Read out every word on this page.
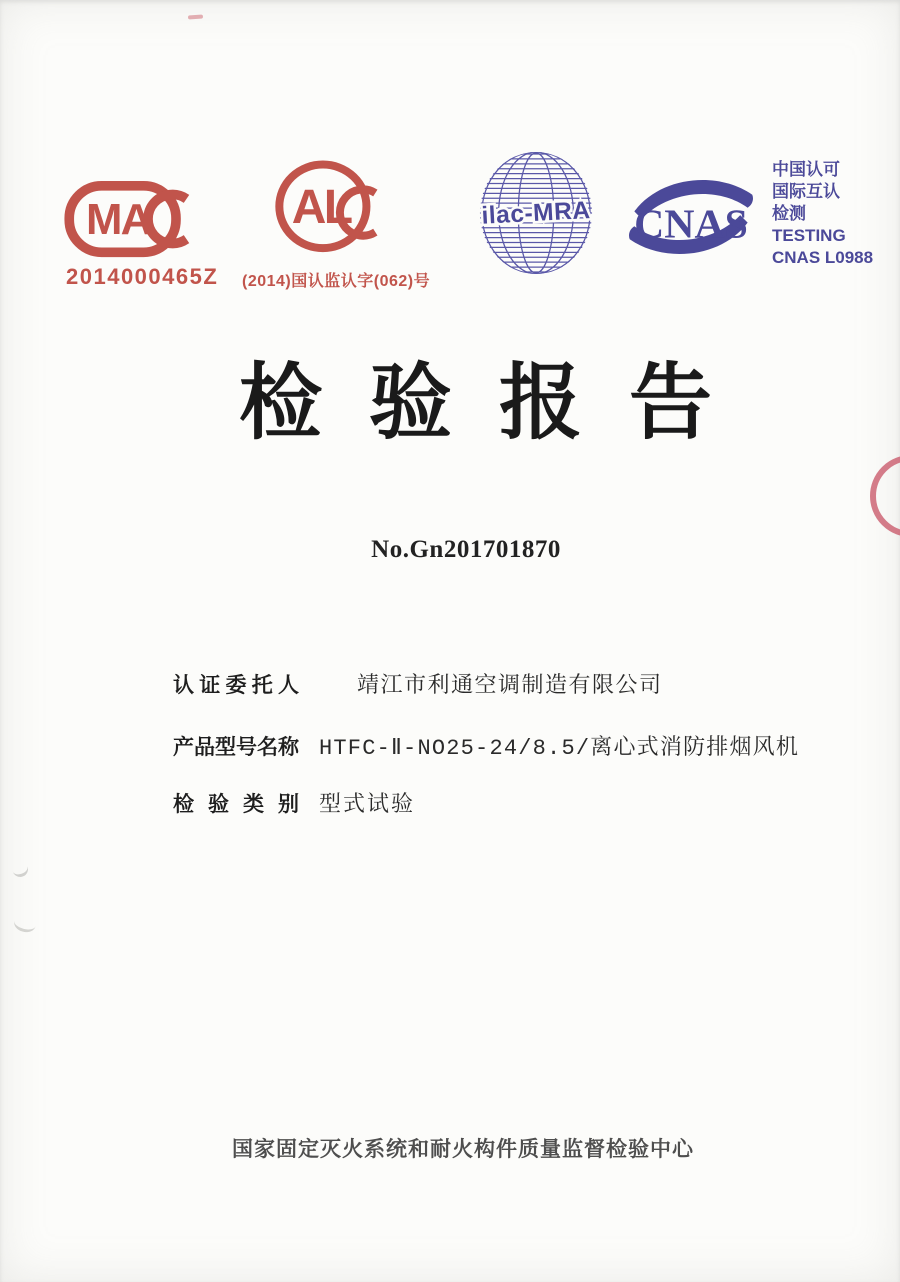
MA
2014000465Z
AL
(2014)国认监认字(062)号
ilac-MRA CNAS
中国认可
国际互认
检测
TESTING
CNAS L0988
检验报告
No.Gn201701870
认证委托人	靖江市利通空调制造有限公司
产品型号名称 HTFC-Ⅱ-NO25-24/8.5/离心式消防排烟风机
检验类别 型式试验
国家固定灭火系统和耐火构件质量监督检验中心
